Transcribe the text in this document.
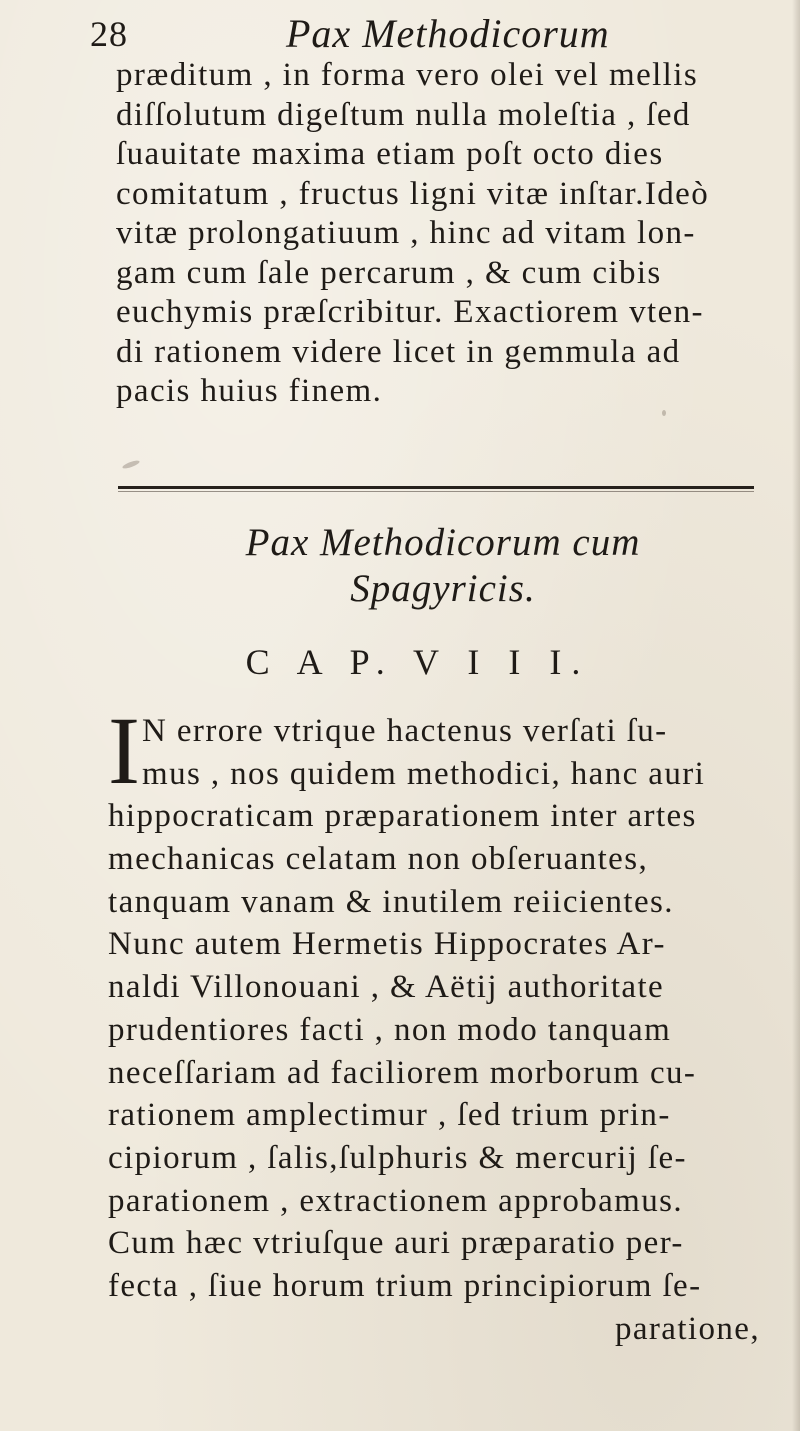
28	Pax Methodicorum
præditum , in forma vero olei vel mellis
diſſolutum digeſtum nulla moleſtia , ſed
ſuauitate maxima etiam poſt octo dies
comitatum , fructus ligni vitæ inſtar.Ideò
vitæ prolongatiuum , hinc ad vitam lon-
gam cum ſale percarum , & cum cibis
euchymis præſcribitur. Exactiorem vten-
di rationem videre licet in gemmula ad
pacis huius finem.
Pax Methodicorum cum
Spagyricis.
C A P. V I I I.
I N errore vtrique hactenus verſati ſu-
mus , nos quidem methodici, hanc auri
hippocraticam præparationem inter artes
mechanicas celatam non obſeruantes,
tanquam vanam & inutilem reiicientes.
Nunc autem Hermetis Hippocrates Ar-
naldi Villonouani , & Aëtij authoritate
prudentiores facti , non modo tanquam
neceſſariam ad faciliorem morborum cu-
rationem amplectimur , ſed trium prin-
cipiorum , ſalis,ſulphuris & mercurij ſe-
parationem , extractionem approbamus.
Cum hæc vtriuſque auri præparatio per-
fecta , ſiue horum trium principiorum ſe-
paratione,
